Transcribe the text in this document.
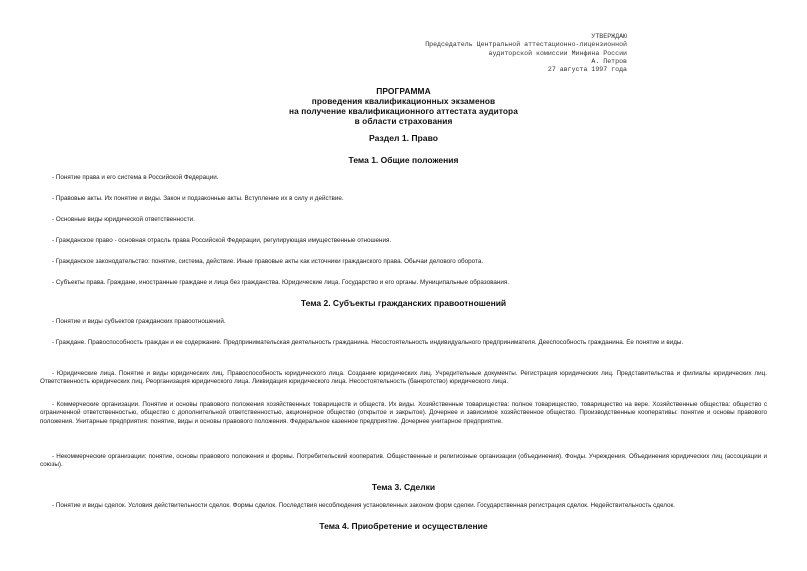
УТВЕРЖДАЮ
Председатель Центральной аттестационно-лицензионной
аудиторской комиссии Минфина России
А. Петров
27 августа 1997 года
ПРОГРАММА
проведения квалификационных экзаменов
на получение квалификационного аттестата аудитора
в области страхования
Раздел 1. Право
Тема 1. Общие положения
- Понятие права и его система в Российской Федерации.
- Правовые акты. Их понятие и виды. Закон и подзаконные акты. Вступление их в силу и действие.
- Основные виды юридической ответственности.
- Гражданское право - основная отрасль права Российской Федерации, регулирующая имущественные отношения.
- Гражданское законодательство: понятие, система, действие. Иные правовые акты как источники гражданского права. Обычаи делового оборота.
- Субъекты права. Граждане, иностранные граждане и лица без гражданства. Юридические лица. Государство и его органы. Муниципальные образования.
Тема 2. Субъекты гражданских правоотношений
- Понятие и виды субъектов гражданских правоотношений.
- Граждане. Правоспособность граждан и ее содержание. Предпринимательская деятельность гражданина. Несостоятельность индивидуального предпринимателя. Дееспособность гражданина. Ее понятие и виды.
- Юридические лица. Понятие и виды юридических лиц. Правоспособность юридического лица. Создание юридических лиц. Учредительные документы. Регистрация юридических лиц. Представительства и филиалы юридических лиц. Ответственность юридических лиц. Реорганизация юридического лица. Ликвидация юридического лица. Несостоятельность (банкротство) юридического лица.
- Коммерческие организации. Понятие и основы правового положения хозяйственных товариществ и обществ. Их виды. Хозяйственные товарищества: полное товарищество, товарищество на вере. Хозяйственные общества: общество с ограниченной ответственностью, общество с дополнительной ответственностью, акционерное общество (открытое и закрытое). Дочернее и зависимое хозяйственное общество. Производственные кооперативы: понятие и основы правового положения. Унитарные предприятия: понятие, виды и основы правового положения. Федеральное казенное предприятие. Дочернее унитарное предприятие.
- Некоммерческие организации: понятие, основы правового положения и формы. Потребительский кооператив. Общественные и религиозные организации (объединения). Фонды. Учреждения. Объединения юридических лиц (ассоциации и союзы).
Тема 3. Сделки
- Понятие и виды сделок. Условия действительности сделок. Формы сделок. Последствия несоблюдения установленных законом форм сделки. Государственная регистрация сделок. Недействительность сделок.
Тема 4. Приобретение и осуществление
